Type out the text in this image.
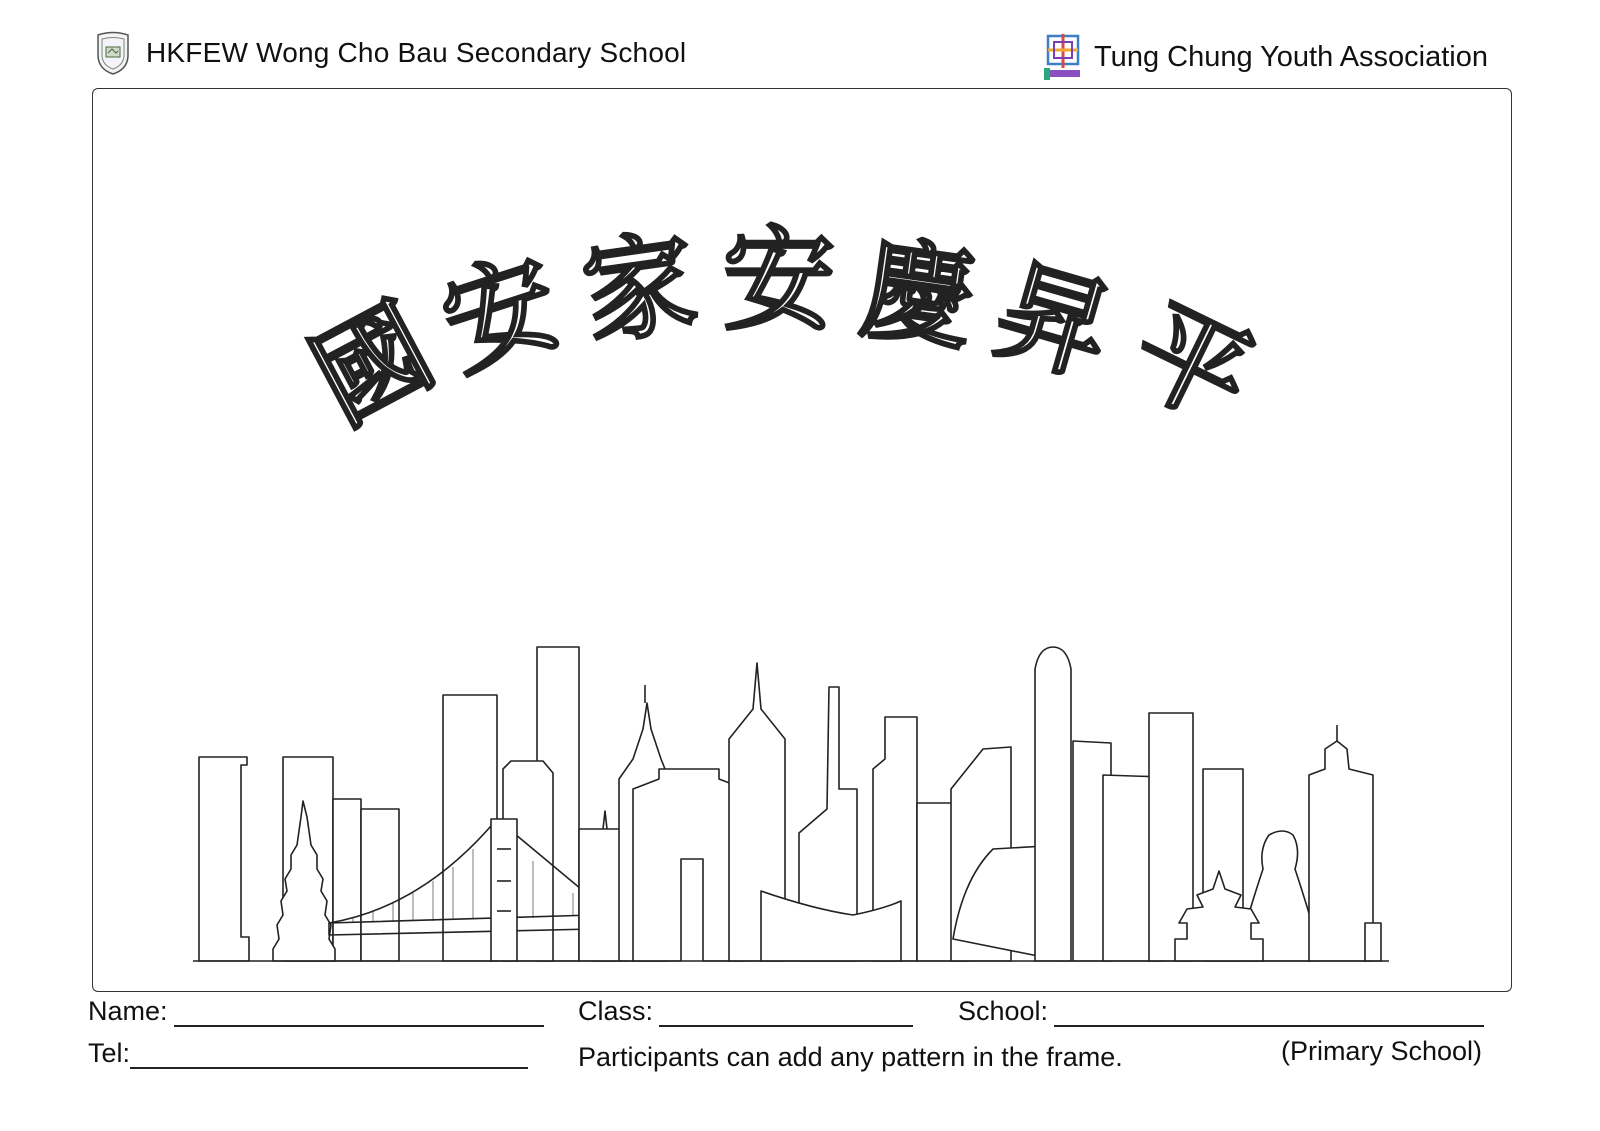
HKFEW Wong Cho Bau Secondary School	Tung Chung Youth Association
國
安 家 安 慶
昇
平
Name:	Class:	School:
Tel:	Participants can add any pattern in the frame.	(Primary School)
